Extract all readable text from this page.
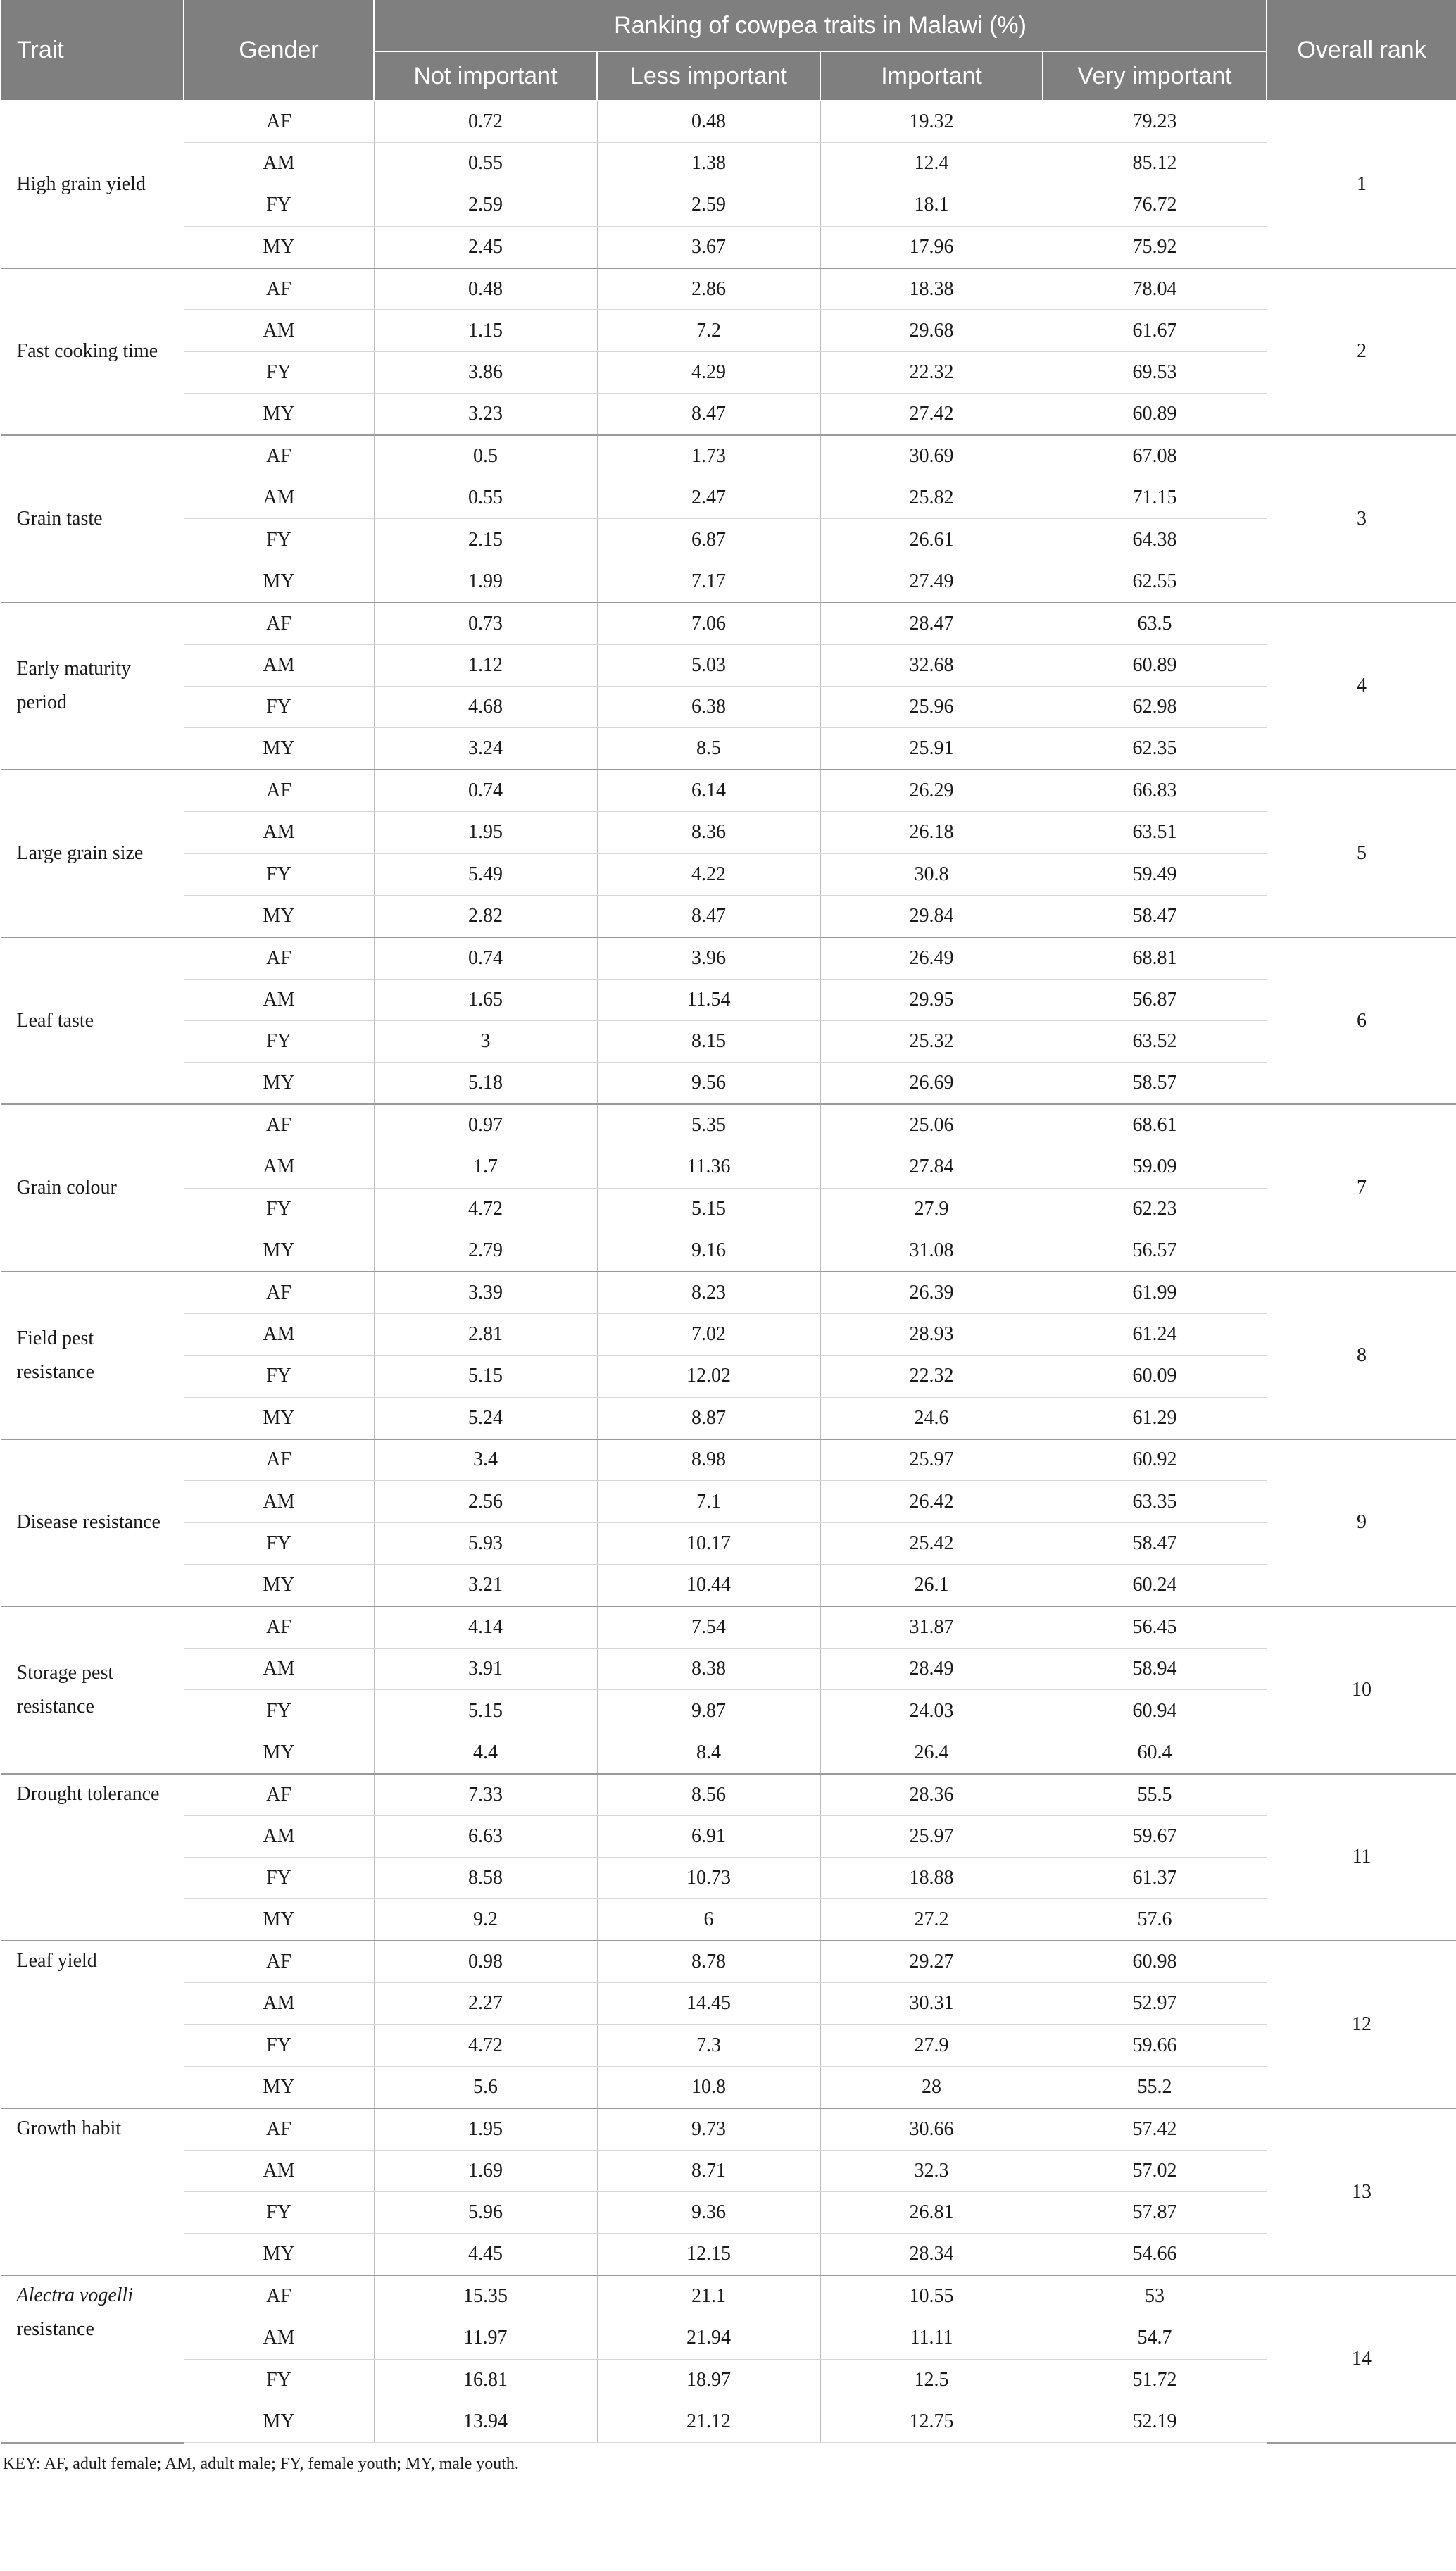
Trait	Gender	Ranking of cowpea traits in Malawi (%)				Overall rank
		Not important	Less important	Important	Very important	
High grain yield	AF	0.72	0.48	19.32	79.23	1
	AM	0.55	1.38	12.4	85.12	
	FY	2.59	2.59	18.1	76.72	
	MY	2.45	3.67	17.96	75.92	
Fast cooking time	AF	0.48	2.86	18.38	78.04	2
	AM	1.15	7.2	29.68	61.67	
	FY	3.86	4.29	22.32	69.53	
	MY	3.23	8.47	27.42	60.89	
Grain taste	AF	0.5	1.73	30.69	67.08	3
	AM	0.55	2.47	25.82	71.15	
	FY	2.15	6.87	26.61	64.38	
	MY	1.99	7.17	27.49	62.55	
Early maturity period	AF	0.73	7.06	28.47	63.5	4
	AM	1.12	5.03	32.68	60.89	
	FY	4.68	6.38	25.96	62.98	
	MY	3.24	8.5	25.91	62.35	
Large grain size	AF	0.74	6.14	26.29	66.83	5
	AM	1.95	8.36	26.18	63.51	
	FY	5.49	4.22	30.8	59.49	
	MY	2.82	8.47	29.84	58.47	
Leaf taste	AF	0.74	3.96	26.49	68.81	6
	AM	1.65	11.54	29.95	56.87	
	FY	3	8.15	25.32	63.52	
	MY	5.18	9.56	26.69	58.57	
Grain colour	AF	0.97	5.35	25.06	68.61	7
	AM	1.7	11.36	27.84	59.09	
	FY	4.72	5.15	27.9	62.23	
	MY	2.79	9.16	31.08	56.57	
Field pest resistance	AF	3.39	8.23	26.39	61.99	8
	AM	2.81	7.02	28.93	61.24	
	FY	5.15	12.02	22.32	60.09	
	MY	5.24	8.87	24.6	61.29	
Disease resistance	AF	3.4	8.98	25.97	60.92	9
	AM	2.56	7.1	26.42	63.35	
	FY	5.93	10.17	25.42	58.47	
	MY	3.21	10.44	26.1	60.24	
Storage pest resistance	AF	4.14	7.54	31.87	56.45	10
	AM	3.91	8.38	28.49	58.94	
	FY	5.15	9.87	24.03	60.94	
	MY	4.4	8.4	26.4	60.4	
Drought tolerance	AF	7.33	8.56	28.36	55.5	11
	AM	6.63	6.91	25.97	59.67	
	FY	8.58	10.73	18.88	61.37	
	MY	9.2	6	27.2	57.6	
Leaf yield	AF	0.98	8.78	29.27	60.98	12
	AM	2.27	14.45	30.31	52.97	
	FY	4.72	7.3	27.9	59.66	
	MY	5.6	10.8	28	55.2	
Growth habit	AF	1.95	9.73	30.66	57.42	13
	AM	1.69	8.71	32.3	57.02	
	FY	5.96	9.36	26.81	57.87	
	MY	4.45	12.15	28.34	54.66	
Alectra vogelli resistance	AF	15.35	21.1	10.55	53	14
	AM	11.97	21.94	11.11	54.7	
	FY	16.81	18.97	12.5	51.72	
	MY	13.94	21.12	12.75	52.19	
KEY: AF, adult female; AM, adult male; FY, female youth; MY, male youth.
